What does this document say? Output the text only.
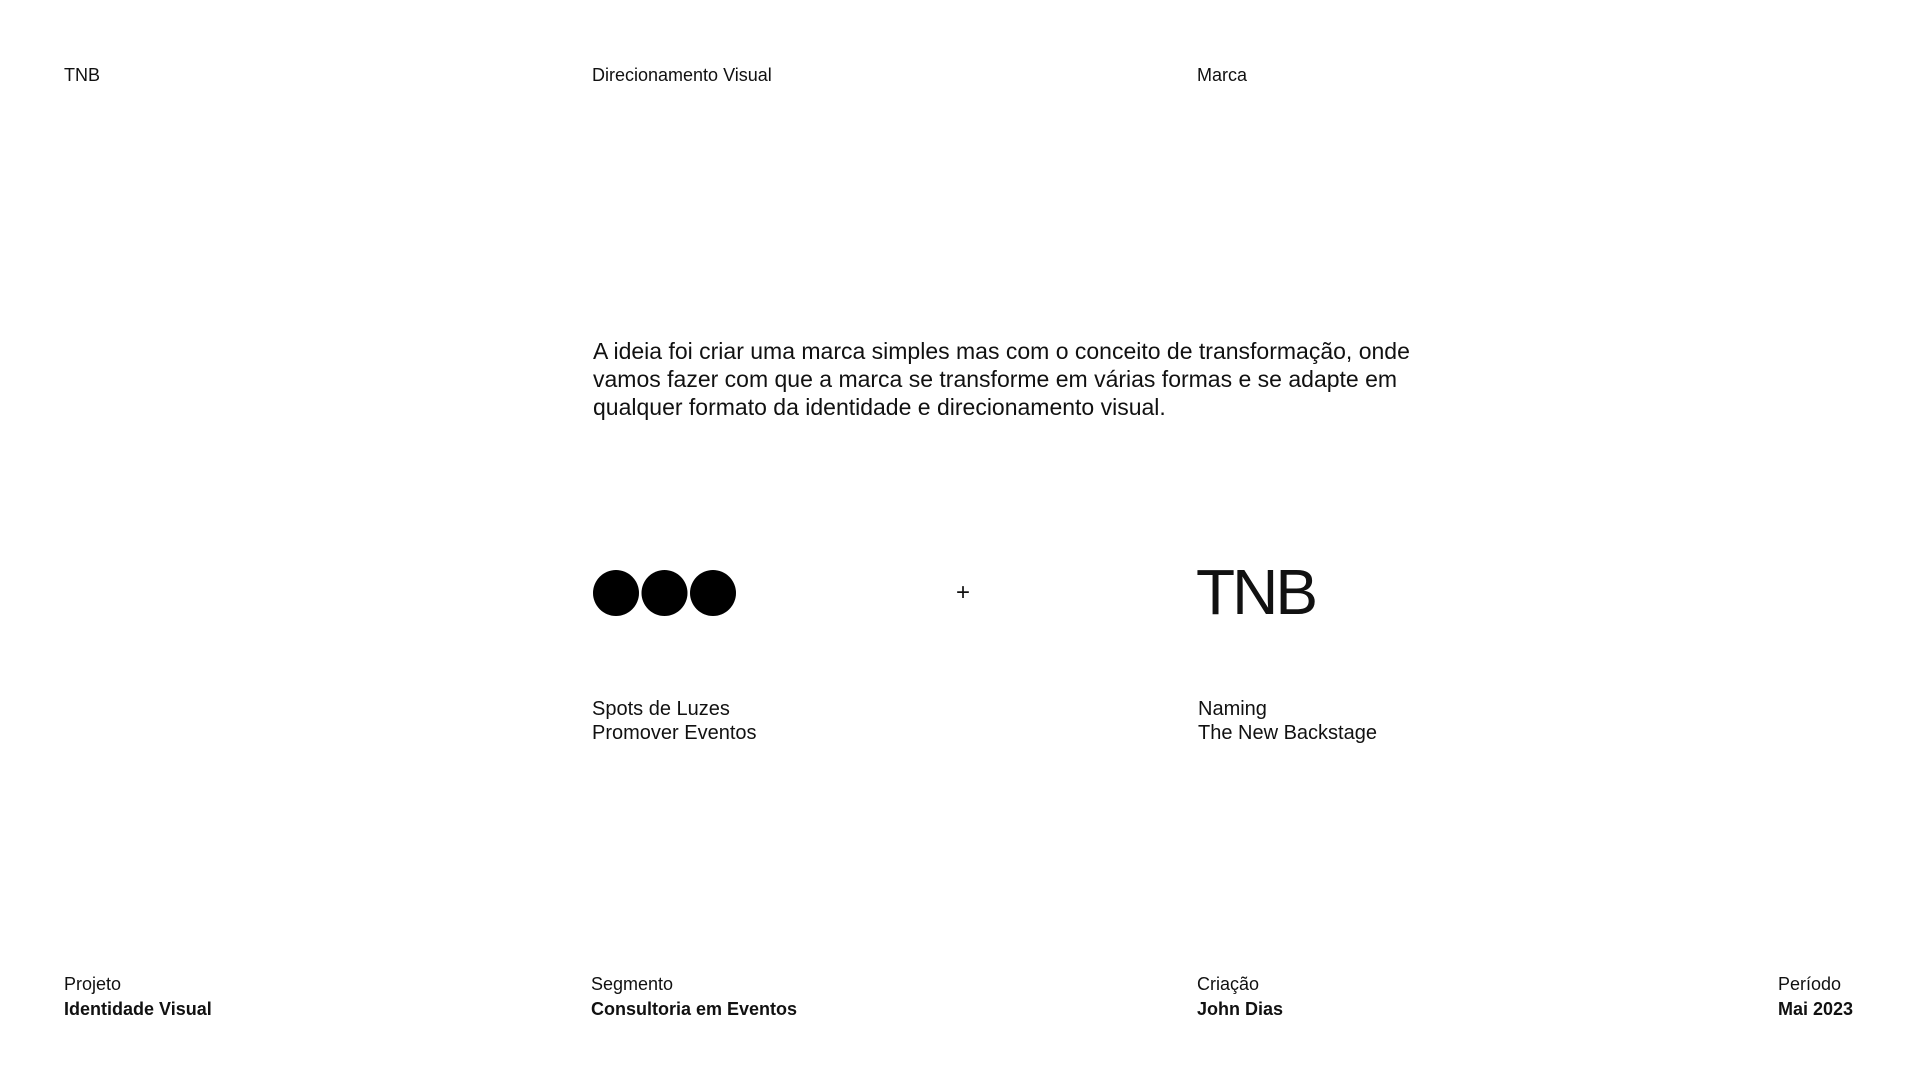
TNB	Direcionamento Visual	Marca

A ideia foi criar uma marca simples mas com o conceito de transformação, onde vamos fazer com que a marca se transforme em várias formas e se adapte em qualquer formato da identidade e direcionamento visual.

+	TNB
Spots de Luzes
Promover Eventos
Naming
The New Backstage
Projeto
Identidade Visual
Segmento
Consultoria em Eventos
Criação
John Dias
Período
Mai 2023
